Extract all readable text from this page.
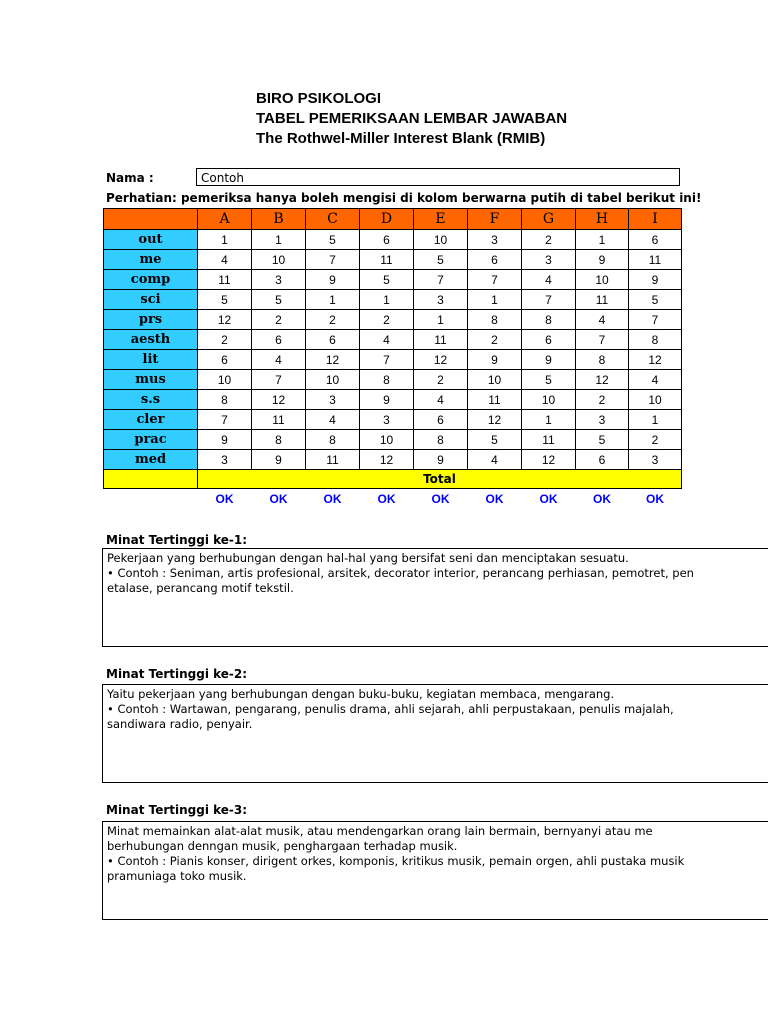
BIRO PSIKOLOGI
TABEL PEMERIKSAAN LEMBAR JAWABAN
The Rothwel-Miller Interest Blank (RMIB)
Nama :	Contoh
Perhatian: pemeriksa hanya boleh mengisi di kolom berwarna putih di tabel berikut ini!
	A	B	C	D	E	F	G	H	I
out	1	1	5	6	10	3	2	1	6
me	4	10	7	11	5	6	3	9	11
comp	11	3	9	5	7	7	4	10	9
sci	5	5	1	1	3	1	7	11	5
prs	12	2	2	2	1	8	8	4	7
aesth	2	6	6	4	11	2	6	7	8
lit	6	4	12	7	12	9	9	8	12
mus	10	7	10	8	2	10	5	12	4
s.s	8	12	3	9	4	11	10	2	10
cler	7	11	4	3	6	12	1	3	1
prac	9	8	8	10	8	5	11	5	2
med	3	9	11	12	9	4	12	6	3
	Total								
	OK	OK	OK	OK	OK	OK	OK	OK	OK
Minat Tertinggi ke-1:
Pekerjaan yang berhubungan dengan hal-hal yang bersifat seni dan menciptakan sesuatu.
• Contoh : Seniman, artis profesional, arsitek, decorator interior, perancang perhiasan, pemotret, pen
etalase, perancang motif tekstil.
Minat Tertinggi ke-2:
Yaitu pekerjaan yang berhubungan dengan buku-buku, kegiatan membaca, mengarang.
• Contoh : Wartawan, pengarang, penulis drama, ahli sejarah, ahli perpustakaan, penulis majalah,
sandiwara radio, penyair.
Minat Tertinggi ke-3:
Minat memainkan alat-alat musik, atau mendengarkan orang lain bermain, bernyanyi atau me
berhubungan denngan musik, penghargaan terhadap musik.
• Contoh : Pianis konser, dirigent orkes, komponis, kritikus musik, pemain orgen, ahli pustaka musik
pramuniaga toko musik.
